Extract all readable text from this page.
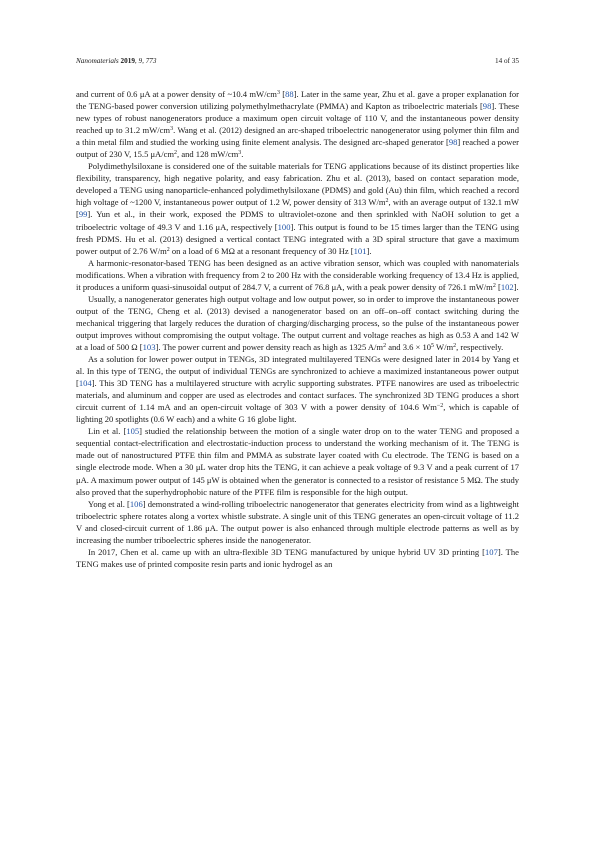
Nanomaterials 2019, 9, 773	14 of 35

and current of 0.6 μA at a power density of ~10.4 $mW/cm^3$ [88]. Later in the same year, Zhu et al. gave a proper explanation for the TENG-based power conversion utilizing polymethylmethacrylate (PMMA) and Kapton as triboelectric materials [98]. These new types of robust nanogenerators produce a maximum open circuit voltage of 110 V, and the instantaneous power density reached up to 31.2 $mW/cm^3$. Wang et al. (2012) designed an arc-shaped triboelectric nanogenerator using polymer thin film and a thin metal film and studied the working using finite element analysis. The designed arc-shaped generator [98] reached a power output of 230 V, 15.5 $\mu A/cm^2$, and 128 $mW/cm^3$.

Polydimethylsiloxane is considered one of the suitable materials for TENG applications because of its distinct properties like flexibility, transparency, high negative polarity, and easy fabrication. Zhu et al. (2013), based on contact separation mode, developed a TENG using nanoparticle-enhanced polydimethylsiloxane (PDMS) and gold (Au) thin film, which reached a record high voltage of ~1200 V, instantaneous power output of 1.2 W, power density of 313 $W/m^2$, with an average output of 132.1 mW [99]. Yun et al., in their work, exposed the PDMS to ultraviolet-ozone and then sprinkled with NaOH solution to get a triboelectric voltage of 49.3 V and 1.16 μA, respectively [100]. This output is found to be 15 times larger than the TENG using fresh PDMS. Hu et al. (2013) designed a vertical contact TENG integrated with a 3D spiral structure that gave a maximum power output of 2.76 $W/m^2$ on a load of 6 MΩ at a resonant frequency of 30 Hz [101].

A harmonic-resonator-based TENG has been designed as an active vibration sensor, which was coupled with nanomaterials modifications. When a vibration with frequency from 2 to 200 Hz with the considerable working frequency of 13.4 Hz is applied, it produces a uniform quasi-sinusoidal output of 284.7 V, a current of 76.8 μA, with a peak power density of 726.1 $mW/m^2$ [102].

Usually, a nanogenerator generates high output voltage and low output power, so in order to improve the instantaneous power output of the TENG, Cheng et al. (2013) devised a nanogenerator based on an off–on–off contact switching during the mechanical triggering that largely reduces the duration of charging/discharging process, so the pulse of the instantaneous power output improves without compromising the output voltage. The output current and voltage reaches as high as 0.53 A and 142 W at a load of 500 Ω [103]. The power current and power density reach as high as 1325 $A/m^2$ and $3.6 \times 10^5$ $W/m^2$, respectively.

As a solution for lower power output in TENGs, 3D integrated multilayered TENGs were designed later in 2014 by Yang et al. In this type of TENG, the output of individual TENGs are synchronized to achieve a maximized instantaneous power output [104]. This 3D TENG has a multilayered structure with acrylic supporting substrates. PTFE nanowires are used as triboelectric materials, and aluminum and copper are used as electrodes and contact surfaces. The synchronized 3D TENG produces a short circuit current of 1.14 mA and an open-circuit voltage of 303 V with a power density of 104.6 $Wm^{-2}$, which is capable of lighting 20 spotlights (0.6 W each) and a white G 16 globe light.

Lin et al. [105] studied the relationship between the motion of a single water drop on to the water TENG and proposed a sequential contact-electrification and electrostatic-induction process to understand the working mechanism of it. The TENG is made out of nanostructured PTFE thin film and PMMA as substrate layer coated with Cu electrode. The TENG is based on a single electrode mode. When a 30 μL water drop hits the TENG, it can achieve a peak voltage of 9.3 V and a peak current of 17 μA. A maximum power output of 145 μW is obtained when the generator is connected to a resistor of resistance 5 MΩ. The study also proved that the superhydrophobic nature of the PTFE film is responsible for the high output.

Yong et al. [106] demonstrated a wind-rolling triboelectric nanogenerator that generates electricity from wind as a lightweight triboelectric sphere rotates along a vortex whistle substrate. A single unit of this TENG generates an open-circuit voltage of 11.2 V and closed-circuit current of 1.86 μA. The output power is also enhanced through multiple electrode patterns as well as by increasing the number triboelectric spheres inside the nanogenerator.

In 2017, Chen et al. came up with an ultra-flexible 3D TENG manufactured by unique hybrid UV 3D printing [107]. The TENG makes use of printed composite resin parts and ionic hydrogel as an
